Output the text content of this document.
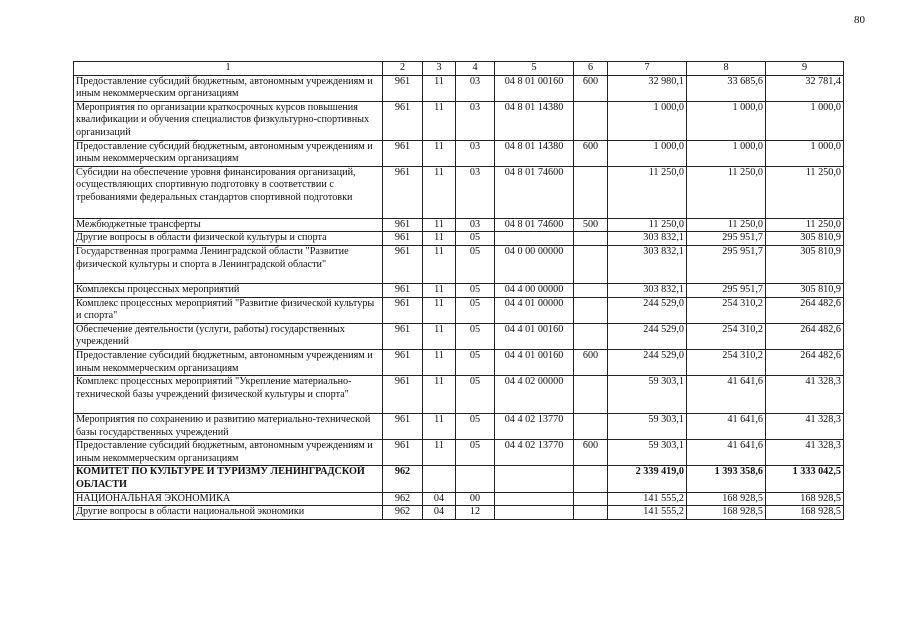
80
1	2	3	4	5	6	7	8	9
Предоставление субсидий бюджетным, автономным учреждениям и иным некоммерческим организациям	961	11	03	04 8 01 00160	600	32 980,1	33 685,6	32 781,4
Мероприятия по организации краткосрочных курсов повышения квалификации и обучения специалистов физкультурно-спортивных организаций	961	11	03	04 8 01 14380		1 000,0	1 000,0	1 000,0
Предоставление субсидий бюджетным, автономным учреждениям и иным некоммерческим организациям	961	11	03	04 8 01 14380	600	1 000,0	1 000,0	1 000,0
Субсидии на обеспечение уровня финансирования организаций, осуществляющих спортивную подготовку в соответствии с требованиями федеральных стандартов спортивной подготовки	961	11	03	04 8 01 74600		11 250,0	11 250,0	11 250,0
Межбюджетные трансферты	961	11	03	04 8 01 74600	500	11 250,0	11 250,0	11 250,0
Другие вопросы в области физической культуры и спорта	961	11	05			303 832,1	295 951,7	305 810,9
Государственная программа Ленинградской области "Развитие физической культуры и спорта в Ленинградской области"	961	11	05	04 0 00 00000		303 832,1	295 951,7	305 810,9
Комплексы процессных мероприятий	961	11	05	04 4 00 00000		303 832,1	295 951,7	305 810,9
Комплекс процессных мероприятий "Развитие физической культуры и спорта"	961	11	05	04 4 01 00000		244 529,0	254 310,2	264 482,6
Обеспечение деятельности (услуги, работы) государственных учреждений	961	11	05	04 4 01 00160		244 529,0	254 310,2	264 482,6
Предоставление субсидий бюджетным, автономным учреждениям и иным некоммерческим организациям	961	11	05	04 4 01 00160	600	244 529,0	254 310,2	264 482,6
Комплекс процессных мероприятий "Укрепление материально-технической базы учреждений физической культуры и спорта"	961	11	05	04 4 02 00000		59 303,1	41 641,6	41 328,3
Мероприятия по сохранению и развитию материально-технической базы государственных учреждений	961	11	05	04 4 02 13770		59 303,1	41 641,6	41 328,3
Предоставление субсидий бюджетным, автономным учреждениям и иным некоммерческим организациям	961	11	05	04 4 02 13770	600	59 303,1	41 641,6	41 328,3
КОМИТЕТ ПО КУЛЬТУРЕ И ТУРИЗМУ ЛЕНИНГРАДСКОЙ ОБЛАСТИ	962					2 339 419,0	1 393 358,6	1 333 042,5
НАЦИОНАЛЬНАЯ ЭКОНОМИКА	962	04	00			141 555,2	168 928,5	168 928,5
Другие вопросы в области национальной экономики	962	04	12			141 555,2	168 928,5	168 928,5
